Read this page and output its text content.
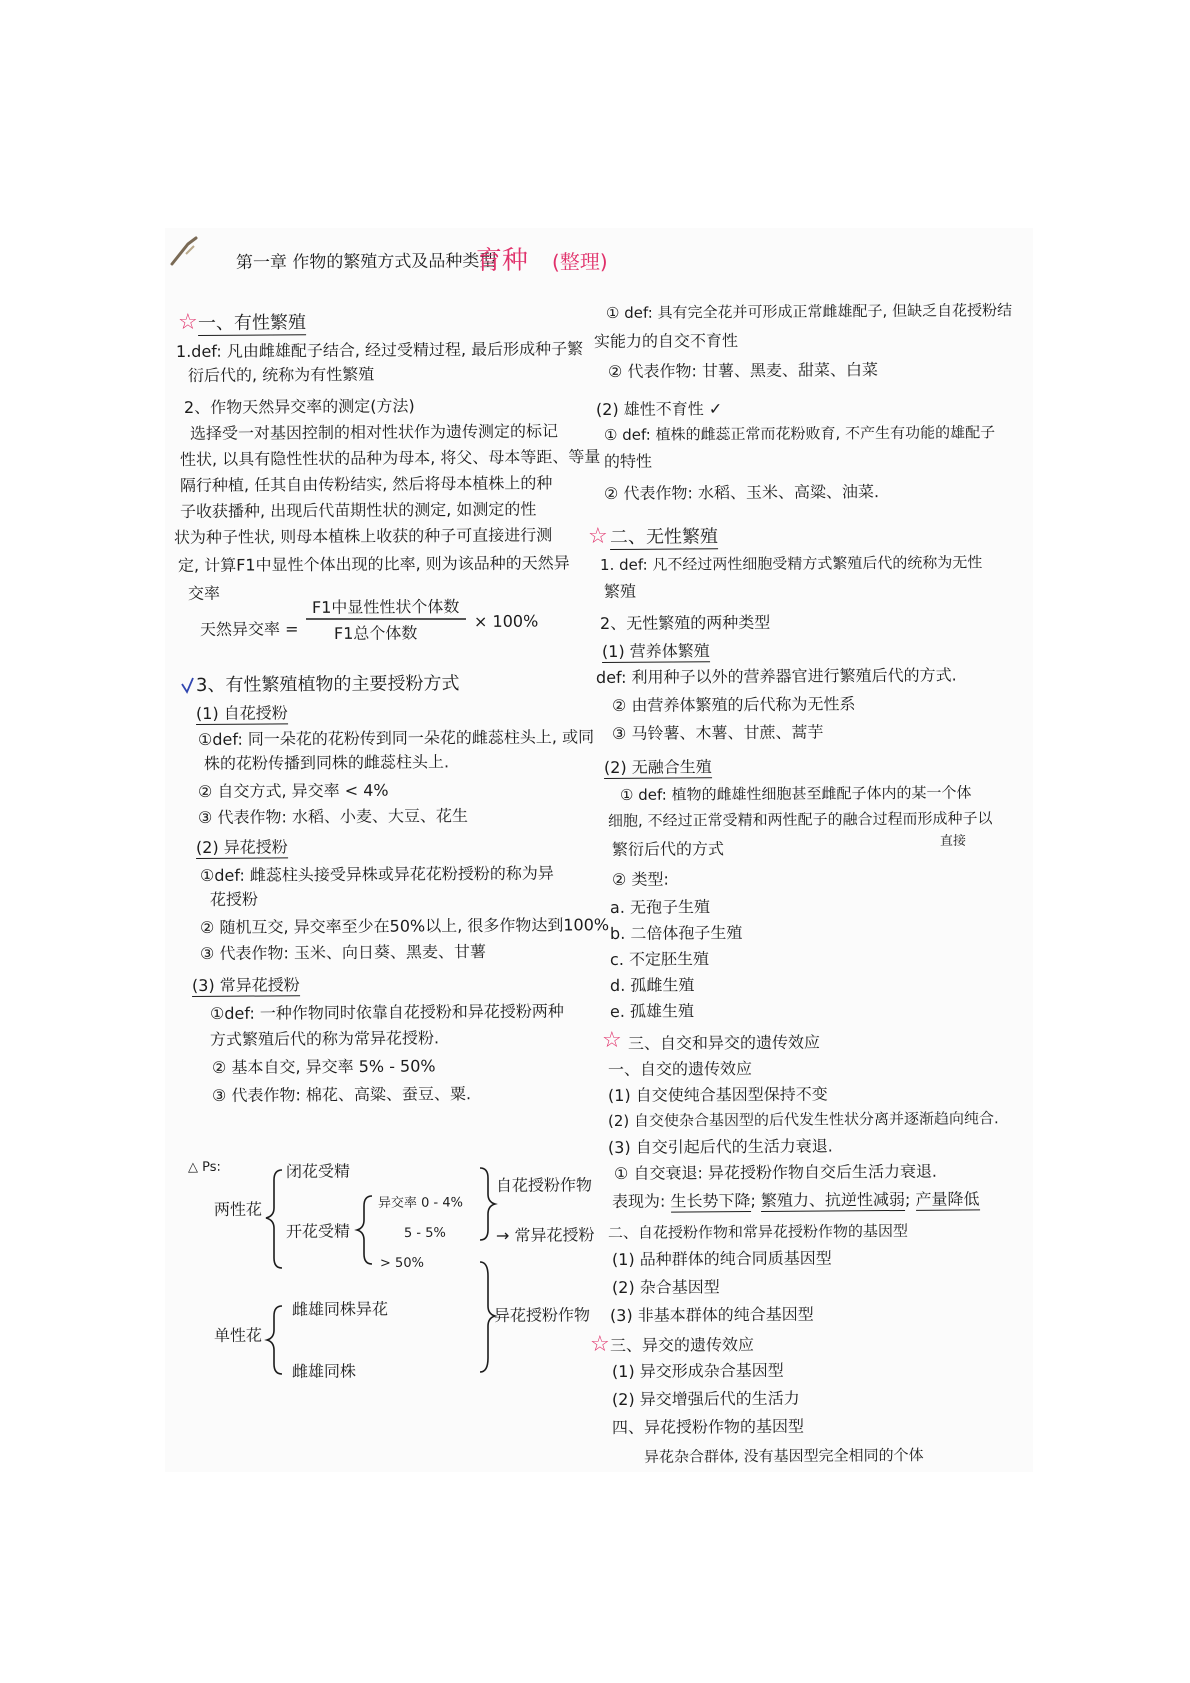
第一章 作物的繁殖方式及品种类型
育种 (整理)
☆ 一、有性繁殖
1.def: 凡由雌雄配子结合, 经过受精过程, 最后形成种子繁
衍后代的, 统称为有性繁殖
2、作物天然异交率的测定(方法)
选择受一对基因控制的相对性状作为遗传测定的标记
性状, 以具有隐性性状的品种为母本, 将父、母本等距、等量
隔行种植, 任其自由传粉结实, 然后将母本植株上的种
子收获播种, 出现后代苗期性状的测定, 如测定的性
状为种子性状, 则母本植株上收获的种子可直接进行测
定, 计算F1中显性个体出现的比率, 则为该品种的天然异
交率
天然异交率 =
F1中显性性状个体数
F1总个体数
× 100%
3、有性繁殖植物的主要授粉方式
(1) 自花授粉
①def: 同一朵花的花粉传到同一朵花的雌蕊柱头上, 或同
株的花粉传播到同株的雌蕊柱头上.
② 自交方式, 异交率 < 4%
③ 代表作物: 水稻、小麦、大豆、花生
(2) 异花授粉
①def: 雌蕊柱头接受异株或异花花粉授粉的称为异
花授粉
② 随机互交, 异交率至少在50%以上, 很多作物达到100%
③ 代表作物: 玉米、向日葵、黑麦、甘薯
(3) 常异花授粉
①def: 一种作物同时依靠自花授粉和异花授粉两种
方式繁殖后代的称为常异花授粉.
② 基本自交, 异交率 5% - 50%
③ 代表作物: 棉花、高粱、蚕豆、粟.
△ Ps:
两性花
闭花受精
开花受精
异交率 0 - 4%
5 - 5%
> 50%
自花授粉作物
→ 常异花授粉
单性花
雌雄同株异花
雌雄同株
异花授粉作物
① def: 具有完全花并可形成正常雌雄配子, 但缺乏自花授粉结
实能力的自交不育性
② 代表作物: 甘薯、黑麦、甜菜、白菜
(2) 雄性不育性 ✓
① def: 植株的雌蕊正常而花粉败育, 不产生有功能的雄配子
的特性
② 代表作物: 水稻、玉米、高粱、油菜.
☆ 二、无性繁殖
1. def: 凡不经过两性细胞受精方式繁殖后代的统称为无性
繁殖
2、无性繁殖的两种类型
(1) 营养体繁殖
def: 利用种子以外的营养器官进行繁殖后代的方式.
② 由营养体繁殖的后代称为无性系
③ 马铃薯、木薯、甘蔗、蒿芋
(2) 无融合生殖
① def: 植物的雌雄性细胞甚至雌配子体内的某一个体
细胞, 不经过正常受精和两性配子的融合过程而形成种子以
直接
繁衍后代的方式
② 类型:
a. 无孢子生殖
b. 二倍体孢子生殖
c. 不定胚生殖
d. 孤雌生殖
e. 孤雄生殖
☆ 三、自交和异交的遗传效应
一、自交的遗传效应
(1) 自交使纯合基因型保持不变
(2) 自交使杂合基因型的后代发生性状分离并逐渐趋向纯合.
(3) 自交引起后代的生活力衰退.
① 自交衰退: 异花授粉作物自交后生活力衰退.
表现为: 生长势下降; 繁殖力、抗逆性减弱; 产量降低
二、自花授粉作物和常异花授粉作物的基因型
(1) 品种群体的纯合同质基因型
(2) 杂合基因型
(3) 非基本群体的纯合基因型
☆ 三、异交的遗传效应
(1) 异交形成杂合基因型
(2) 异交增强后代的生活力
四、异花授粉作物的基因型
异花杂合群体, 没有基因型完全相同的个体
